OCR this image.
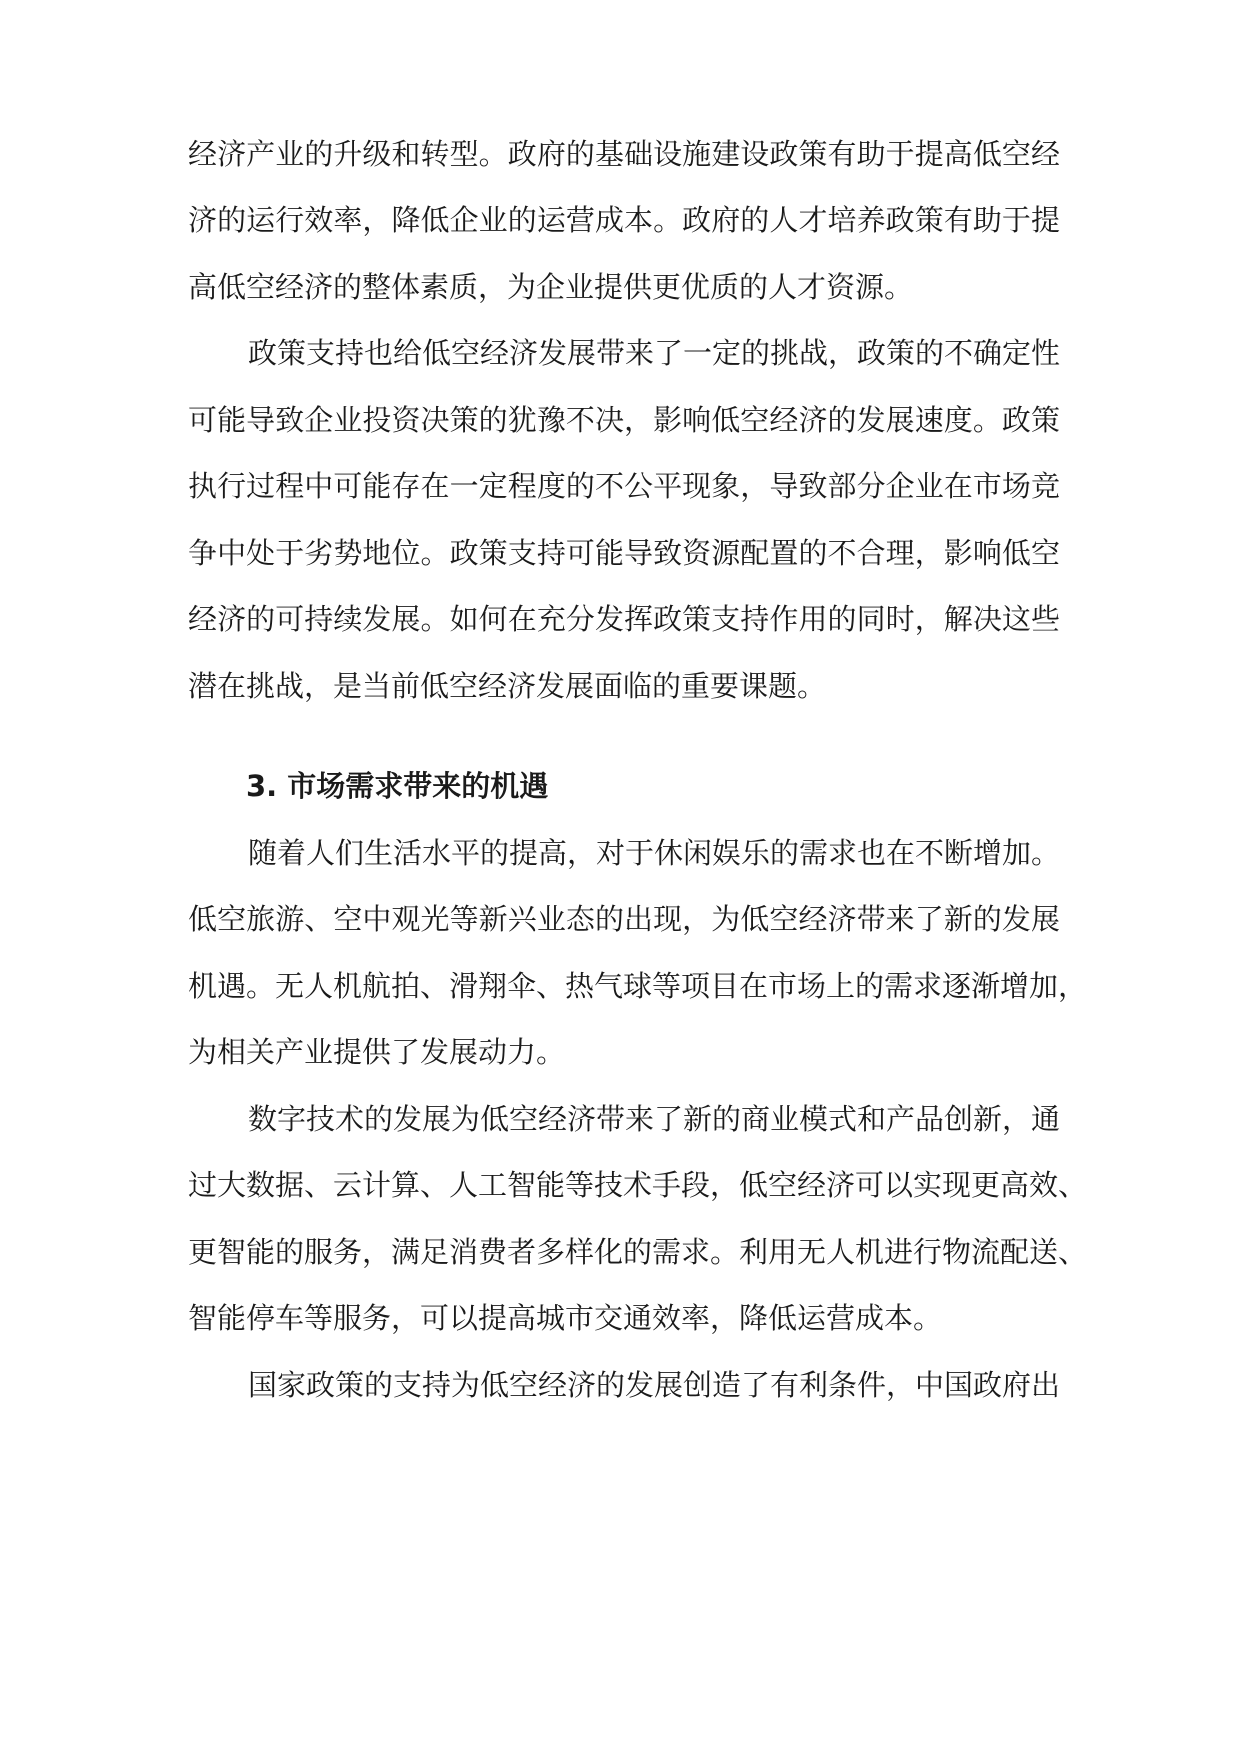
经济产业的升级和转型。政府的基础设施建设政策有助于提高低空经
济的运行效率，降低企业的运营成本。政府的人才培养政策有助于提
高低空经济的整体素质，为企业提供更优质的人才资源。
政策支持也给低空经济发展带来了一定的挑战，政策的不确定性
可能导致企业投资决策的犹豫不决，影响低空经济的发展速度。政策
执行过程中可能存在一定程度的不公平现象，导致部分企业在市场竞
争中处于劣势地位。政策支持可能导致资源配置的不合理，影响低空
经济的可持续发展。如何在充分发挥政策支持作用的同时，解决这些
潜在挑战，是当前低空经济发展面临的重要课题。
3. 市场需求带来的机遇
随着人们生活水平的提高，对于休闲娱乐的需求也在不断增加。
低空旅游、空中观光等新兴业态的出现，为低空经济带来了新的发展
机遇。无人机航拍、滑翔伞、热气球等项目在市场上的需求逐渐增加，
为相关产业提供了发展动力。
数字技术的发展为低空经济带来了新的商业模式和产品创新，通
过大数据、云计算、人工智能等技术手段，低空经济可以实现更高效、
更智能的服务，满足消费者多样化的需求。利用无人机进行物流配送、
智能停车等服务，可以提高城市交通效率，降低运营成本。
国家政策的支持为低空经济的发展创造了有利条件，中国政府出
